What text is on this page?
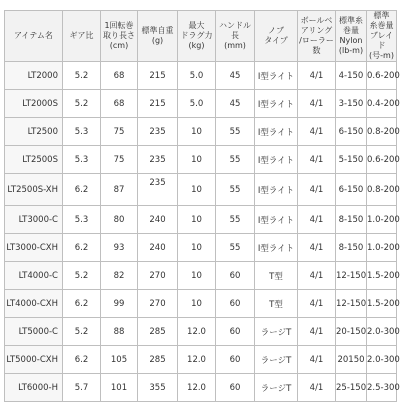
アイテム名	ギア比	1回転巻
取り長さ
(cm)	標準自重
(g)	最大
ドラグ力
(kg)	ハンドル長
(mm)	ノブ
タイプ	ボールベ
アリング
/ローラー
数	標準糸
巻量
Nylon
(lb-m)	標準
糸巻量
ブレイド
(号-m)

LT2000	5.2	68	215	5.0	45	I型ライト	4/1	4-150	0.6-200
LT2000S	5.2	68	215	5.0	45	I型ライト	4/1	3-150	0.4-200
LT2500	5.3	75	235	10	55	I型ライト	4/1	6-150	0.8-200
LT2500S	5.3	75	235	10	55	I型ライト	4/1	5-150	0.6-200
LT2500S-XH	6.2	87	235	10	55	I型ライト	4/1	6-150	0.8-200
LT3000-C	5.3	80	240	10	55	I型ライト	4/1	8-150	1.0-200
LT3000-CXH	6.2	93	240	10	55	I型ライト	4/1	8-150	1.0-200
LT4000-C	5.2	82	270	10	60	T型	4/1	12-150	1.5-200
LT4000-CXH	6.2	99	270	10	60	T型	4/1	12-150	1.5-200
LT5000-C	5.2	88	285	12.0	60	ラージT	4/1	20-150	2.0-300
LT5000-CXH	6.2	105	285	12.0	60	ラージT	4/1	20150	2.0-300
LT6000-H	5.7	101	355	12.0	60	ラージT	4/1	25-150	2.5-300
